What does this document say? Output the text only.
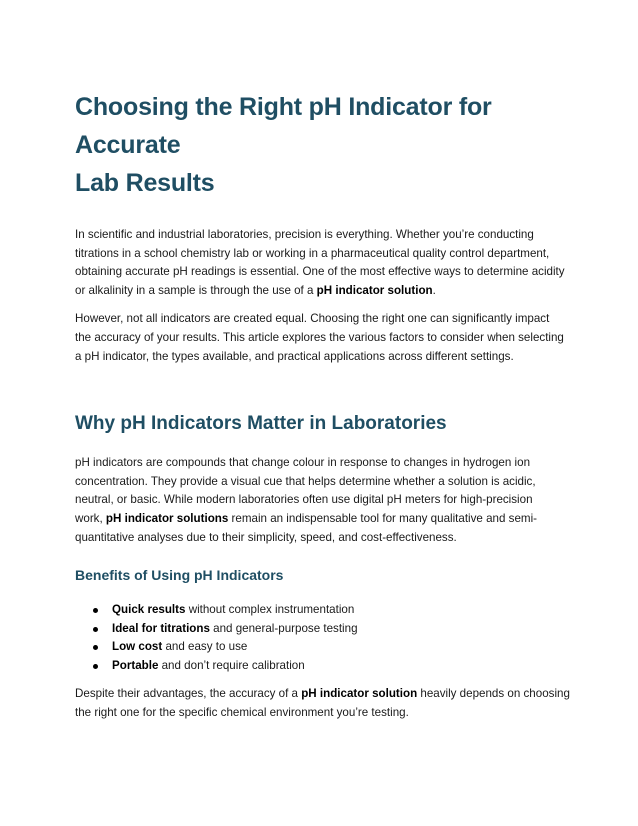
Choosing the Right pH Indicator for Accurate
Lab Results

In scientific and industrial laboratories, precision is everything. Whether you’re conducting
titrations in a school chemistry lab or working in a pharmaceutical quality control department,
obtaining accurate pH readings is essential. One of the most effective ways to determine acidity
or alkalinity in a sample is through the use of a pH indicator solution.

However, not all indicators are created equal. Choosing the right one can significantly impact
the accuracy of your results. This article explores the various factors to consider when selecting
a pH indicator, the types available, and practical applications across different settings.

Why pH Indicators Matter in Laboratories

pH indicators are compounds that change colour in response to changes in hydrogen ion
concentration. They provide a visual cue that helps determine whether a solution is acidic,
neutral, or basic. While modern laboratories often use digital pH meters for high-precision
work, pH indicator solutions remain an indispensable tool for many qualitative and semi-
quantitative analyses due to their simplicity, speed, and cost-effectiveness.

Benefits of Using pH Indicators
Quick results without complex instrumentation
Ideal for titrations and general-purpose testing
Low cost and easy to use
Portable and don’t require calibration

Despite their advantages, the accuracy of a pH indicator solution heavily depends on choosing
the right one for the specific chemical environment you’re testing.
